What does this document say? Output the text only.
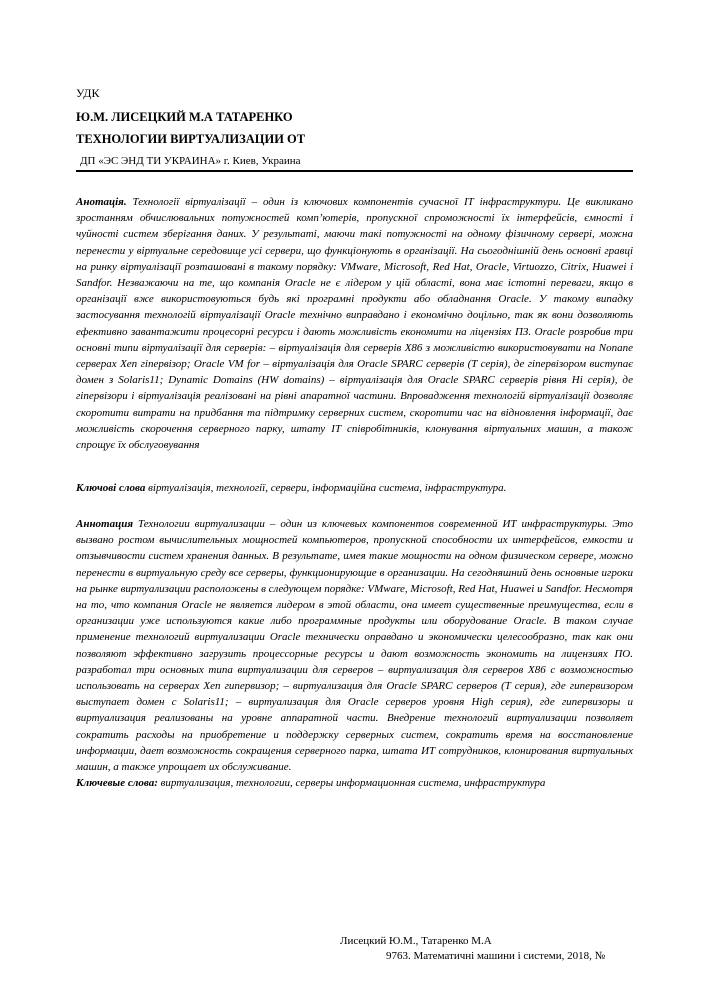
УДК
Ю.М. ЛИСЕЦКИЙ М.А ТАТАРЕНКО
ТЕХНОЛОГИИ ВИРТУАЛИЗАЦИИ ОТ
ДП «ЭС ЭНД ТИ УКРАИНА» г. Киев, Украина

Анотація. Технології віртуалізації – один із ключових компонентів сучасної ІТ інфраструктури. Це викликано зростанням обчислювальних потужностей комп’ютерів, пропускної спроможності їх інтерфейсів, ємності і чуйності систем зберігання даних. У результаті, маючи такі потужності на одному фізичному сервері, можна перенести у віртуальне середовище усі сервери, що функціонують в організації. На сьогоднішній день основні гравці на ринку віртуалізації розташовані в такому порядку: VMware, Microsoft, Red Hat, Oracle, Virtuozzo, Citrix, Huawei і Sandfor. Незважаючи на те, що компанія Oracle не є лідером у цій області, вона має істотні переваги, якщо в організації вже використовуються будь які програмні продукти або обладнання Oracle. У такому випадку застосування технологій віртуалізації Oracle технічно виправдано і економічно доцільно, так як вони дозволяють ефективно завантажити процесорні ресурси і дають можливість економити на ліцензіях ПЗ. Oracle розробив три основні типи віртуалізації для серверів: – віртуалізація для серверів Х86 з можливістю використовувати на Nonane серверах Xen гіпервізор; Oracle VM for – віртуалізація для Oracle SPARC серверів (T серія), де гіпервізором виступає домен з Solaris11; Dynamic Domains (HW domains) – віртуалізація для Oracle SPARC серверів рівня Hi серія), де гіпервізори і віртуалізація реалізовані на рівні апаратної частини. Впровадження технологій віртуалізації дозволяє скоротити витрати на придбання та підтримку серверних систем, скоротити час на відновлення інформації, дає можливість скорочення серверного парку, штату IT співробітників, клонування віртуальних машин, а також спрощує їх обслуговування

Ключові слова віртуалізація, технології, сервери, інформаційна система, інфраструктура.

Аннотация Технологии виртуализации – один из ключевых компонентов современной ИТ инфраструктуры. Это вызвано ростом вычислительных мощностей компьютеров, пропускной способности их интерфейсов, емкости и отзывчивости систем хранения данных. В результате, имея такие мощности на одном физическом сервере, можно перенести в виртуальную среду все серверы, функционирующие в организации. На сегодняшний день основные игроки на рынке виртуализации расположены в следующем порядке: VMware, Microsoft, Red Hat, Huawei и Sandfor. Несмотря на то, что компания Oracle не является лидером в этой области, она имеет существенные преимущества, если в организации уже используются какие либо программные продукты или оборудование Oracle. В таком случае применение технологий виртуализации Oracle технически оправдано и экономически целесообразно, так как они позволяют эффективно загрузить процессорные ресурсы и дают возможность экономить на лицензиях ПО. разработал три основных типа виртуализации для серверов – виртуализация для серверов Х86 с возможностью использовать на серверах Xen гипервизор; – виртуализация для Oracle SPARC серверов (T серия), где гипервизором выступает домен с Solaris11; – виртуализация для Oracle серверов уровня High серия), где гипервизоры и виртуализация реализованы на уровне аппаратной части. Внедрение технологий виртуализации позволяет сократить расходы на приобретение и поддержку серверных систем, сократить время на восстановление информации, дает возможность сокращения серверного парка, штата ИТ сотрудников, клонирования виртуальных машин, а также упрощает их обслуживание.

Ключевые слова: виртуализация, технологии, серверы информационная система, инфраструктура

Лисецкий Ю.М., Татаренко М.А
9763. Математичні машини і системи, 2018, №
